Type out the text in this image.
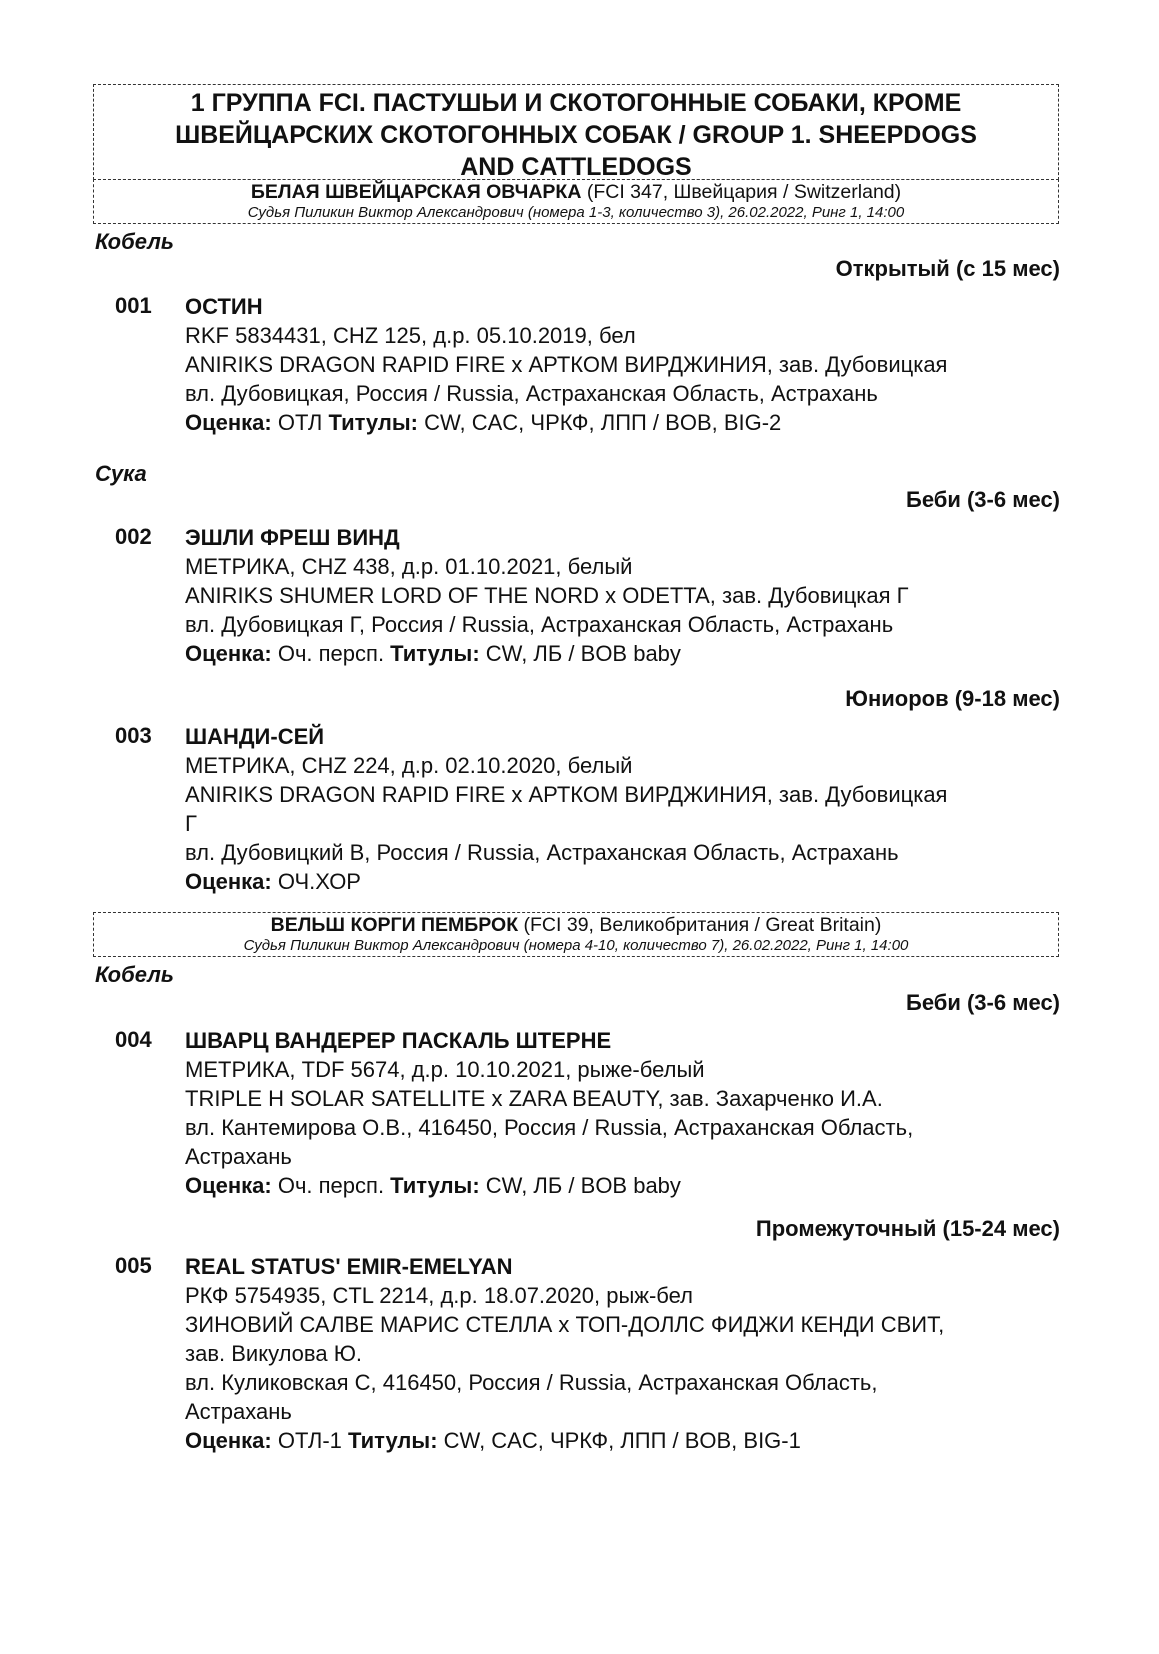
1 ГРУППА FCI. ПАСТУШЬИ И СКОТОГОННЫЕ СОБАКИ, КРОМЕ
ШВЕЙЦАРСКИХ СКОТОГОННЫХ СОБАК / GROUP 1. SHEEPDOGS
AND CATTLEDOGS
БЕЛАЯ ШВЕЙЦАРСКАЯ ОВЧАРКА (FCI 347, Швейцария / Switzerland)
Судья Пиликин Виктор Александрович (номера 1-3, количество 3), 26.02.2022, Ринг 1, 14:00
Кобель
Открытый (с 15 мес)
001 ОСТИН
RKF 5834431, CHZ 125, д.р. 05.10.2019, бел
ANIRIKS DRAGON RAPID FIRE x АРТКОМ ВИРДЖИНИЯ, зав. Дубовицкая
вл. Дубовицкая, Россия / Russia, Астраханская Область, Астрахань
Оценка: ОТЛ Титулы: CW, CAC, ЧРКФ, ЛПП / BOB, BIG-2
Сука
Беби (3-6 мес)
002 ЭШЛИ ФРЕШ ВИНД
МЕТРИКА, CHZ 438, д.р. 01.10.2021, белый
ANIRIKS SHUMER LORD OF THE NORD x ODETTA, зав. Дубовицкая Г
вл. Дубовицкая Г, Россия / Russia, Астраханская Область, Астрахань
Оценка: Оч. персп. Титулы: CW, ЛБ / BOB baby
Юниоров (9-18 мес)
003 ШАНДИ-СЕЙ
МЕТРИКА, CHZ 224, д.р. 02.10.2020, белый
ANIRIKS DRAGON RAPID FIRE x АРТКОМ ВИРДЖИНИЯ, зав. Дубовицкая
Г
вл. Дубовицкий В, Россия / Russia, Астраханская Область, Астрахань
Оценка: ОЧ.ХОР
ВЕЛЬШ КОРГИ ПЕМБРОК (FCI 39, Великобритания / Great Britain)
Судья Пиликин Виктор Александрович (номера 4-10, количество 7), 26.02.2022, Ринг 1, 14:00
Кобель
Беби (3-6 мес)
004 ШВАРЦ ВАНДЕРЕР ПАСКАЛЬ ШТЕРНЕ
МЕТРИКА, TDF 5674, д.р. 10.10.2021, рыже-белый
TRIPLE H SOLAR SATELLITE x ZARA BEAUTY, зав. Захарченко И.А.
вл. Кантемирова О.В., 416450, Россия / Russia, Астраханская Область,
Астрахань
Оценка: Оч. персп. Титулы: CW, ЛБ / BOB baby
Промежуточный (15-24 мес)
005 REAL STATUS' EMIR-EMELYAN
РКФ 5754935, CTL 2214, д.р. 18.07.2020, рыж-бел
ЗИНОВИЙ САЛВЕ МАРИС СТЕЛЛА x ТОП-ДОЛЛС ФИДЖИ КЕНДИ СВИТ,
зав. Викулова Ю.
вл. Куликовская С, 416450, Россия / Russia, Астраханская Область,
Астрахань
Оценка: ОТЛ-1 Титулы: CW, CAC, ЧРКФ, ЛПП / BOB, BIG-1
